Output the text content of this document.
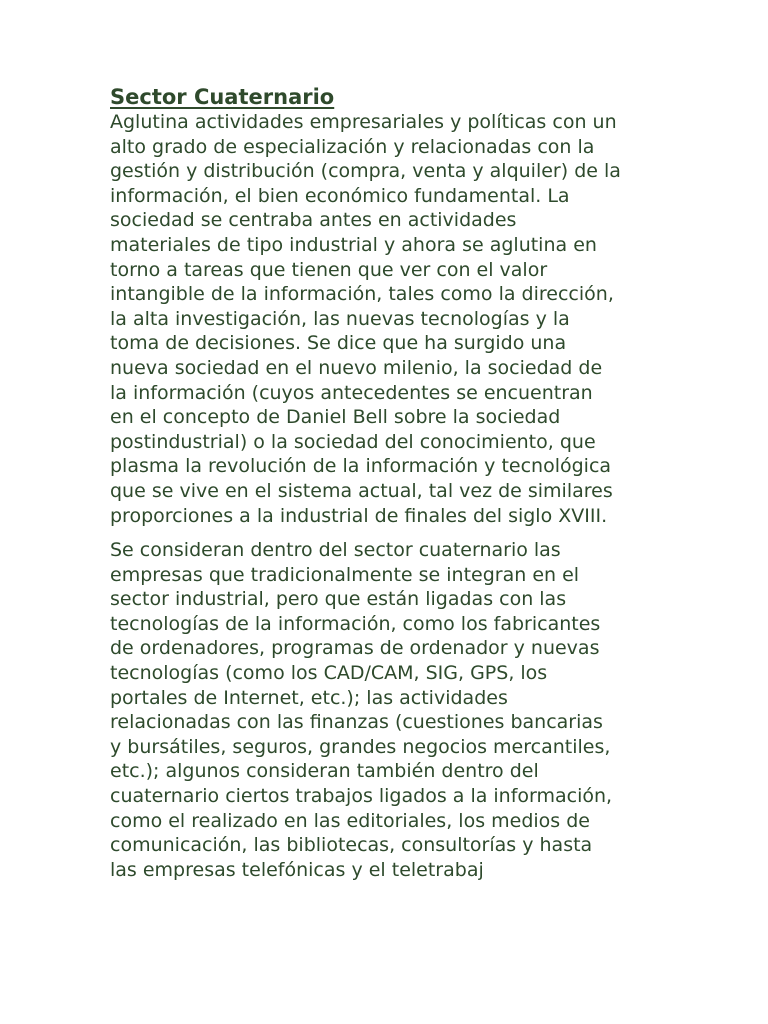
Sector Cuaternario

Aglutina actividades empresariales y políticas con un
alto grado de especialización y relacionadas con la
gestión y distribución (compra, venta y alquiler) de la
información, el bien económico fundamental. La
sociedad se centraba antes en actividades
materiales de tipo industrial y ahora se aglutina en
torno a tareas que tienen que ver con el valor
intangible de la información, tales como la dirección,
la alta investigación, las nuevas tecnologías y la
toma de decisiones. Se dice que ha surgido una
nueva sociedad en el nuevo milenio, la sociedad de
la información (cuyos antecedentes se encuentran
en el concepto de Daniel Bell sobre la sociedad
postindustrial) o la sociedad del conocimiento, que
plasma la revolución de la información y tecnológica
que se vive en el sistema actual, tal vez de similares
proporciones a la industrial de finales del siglo XVIII.

Se consideran dentro del sector cuaternario las
empresas que tradicionalmente se integran en el
sector industrial, pero que están ligadas con las
tecnologías de la información, como los fabricantes
de ordenadores, programas de ordenador y nuevas
tecnologías (como los CAD/CAM, SIG, GPS, los
portales de Internet, etc.); las actividades
relacionadas con las finanzas (cuestiones bancarias
y bursátiles, seguros, grandes negocios mercantiles,
etc.); algunos consideran también dentro del
cuaternario ciertos trabajos ligados a la información,
como el realizado en las editoriales, los medios de
comunicación, las bibliotecas, consultorías y hasta
las empresas telefónicas y el teletrabaj
